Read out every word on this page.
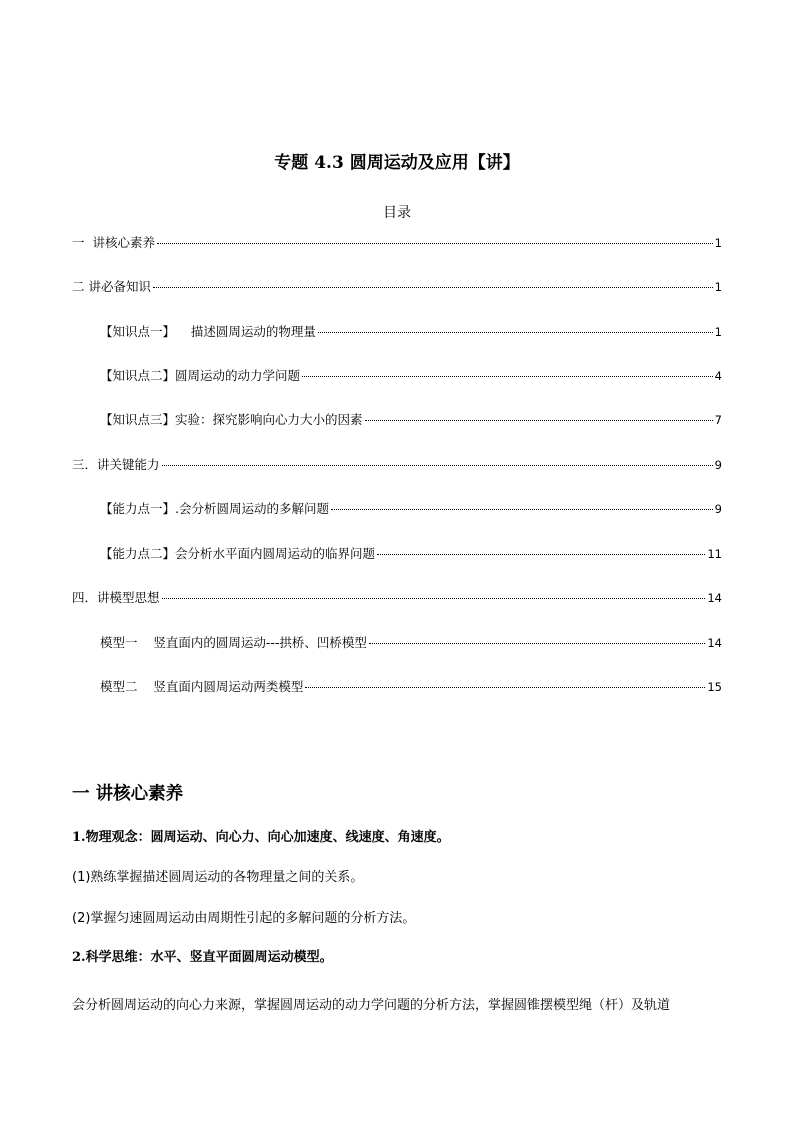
专题 4.3 圆周运动及应用【讲】
目录
一  讲核心素养	1
二 讲必备知识	1
【知识点一】    描述圆周运动的物理量	1
【知识点二】圆周运动的动力学问题	4
【知识点三】实验：探究影响向心力大小的因素	7
三．讲关键能力	9
【能力点一】.会分析圆周运动的多解问题	9
【能力点二】会分析水平面内圆周运动的临界问题	11
四．讲模型思想	14
模型一    竖直面内的圆周运动---拱桥、凹桥模型	14
模型二    竖直面内圆周运动两类模型	15
一 讲核心素养
1.物理观念：圆周运动、向心力、向心加速度、线速度、角速度。
(1)熟练掌握描述圆周运动的各物理量之间的关系。
(2)掌握匀速圆周运动由周期性引起的多解问题的分析方法。
2.科学思维：水平、竖直平面圆周运动模型。
会分析圆周运动的向心力来源，掌握圆周运动的动力学问题的分析方法，掌握圆锥摆模型绳（杆）及轨道
